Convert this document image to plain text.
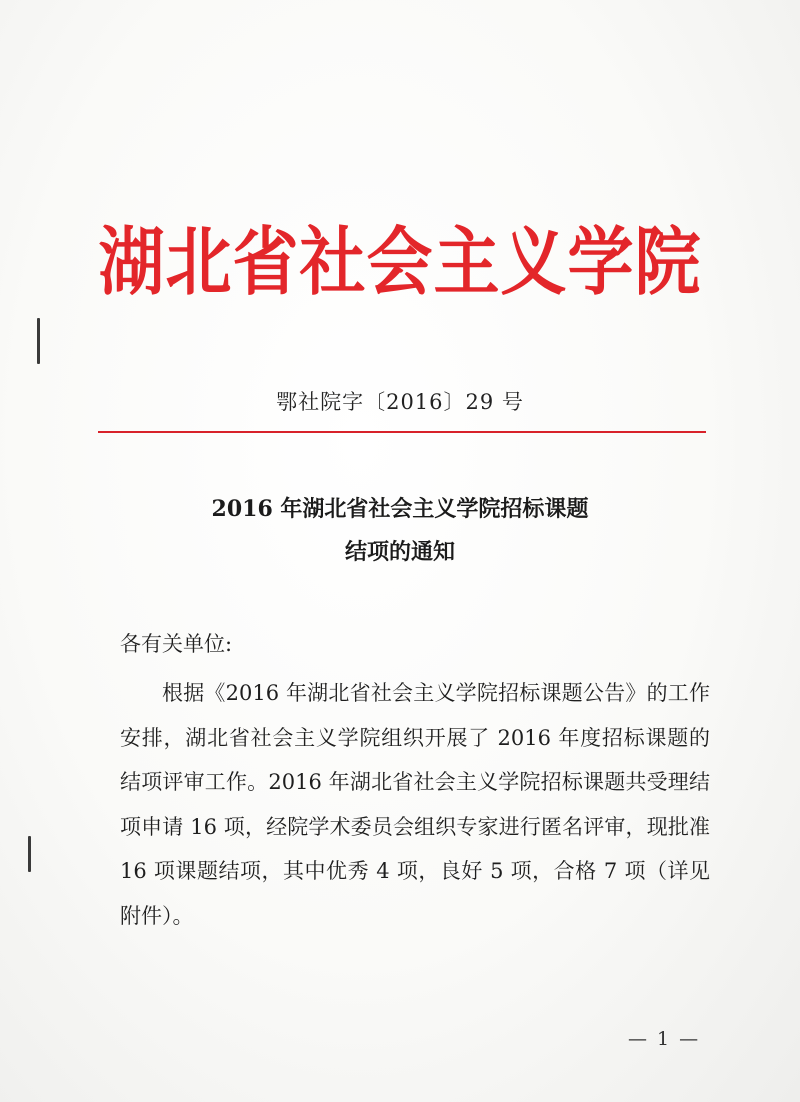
湖北省社会主义学院
鄂社院字〔2016〕29 号
2016 年湖北省社会主义学院招标课题
结项的通知
各有关单位:
根据《2016 年湖北省社会主义学院招标课题公告》的工作安排，湖北省社会主义学院组织开展了 2016 年度招标课题的结项评审工作。2016 年湖北省社会主义学院招标课题共受理结项申请 16 项，经院学术委员会组织专家进行匿名评审，现批准 16 项课题结项，其中优秀 4 项，良好 5 项，合格 7 项（详见附件）。
— 1 —
